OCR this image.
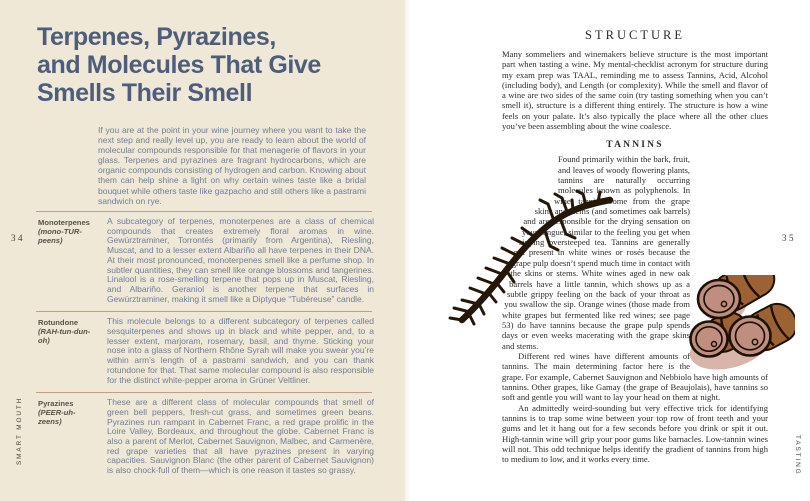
Terpenes, Pyrazines,
and Molecules That Give
Smells Their Smell

If you are at the point in your wine journey where you want to take the next step and really level up, you are ready to learn about the world of molecular compounds responsible for that menagerie of flavors in your glass. Terpenes and pyrazines are fragrant hydrocarbons, which are organic compounds consisting of hydrogen and carbon. Knowing about them can help shine a light on why certain wines taste like a bridal bouquet while others taste like gazpacho and still others like a pastrami sandwich on rye.

Monoterpenes
(mono-TUR-peens)
A subcategory of terpenes, monoterpenes are a class of chemical compounds that creates extremely floral aromas in wine. Gewürztraminer, Torrontés (primarily from Argentina), Riesling, Muscat, and to a lesser extent Albariño all have terpenes in their DNA. At their most pronounced, monoterpenes smell like a perfume shop. In subtler quantities, they can smell like orange blossoms and tangerines. Linalool is a rose-smelling terpene that pops up in Muscat, Riesling, and Albariño. Geraniol is another terpene that surfaces in Gewürztraminer, making it smell like a Diptyque “Tubéreuse” candle.
Rotundone
(RAH-tun-dun-oh)
This molecule belongs to a different subcategory of terpenes called sesquiterpenes and shows up in black and white pepper, and, to a lesser extent, marjoram, rosemary, basil, and thyme. Sticking your nose into a glass of Northern Rhône Syrah will make you swear you’re within arm’s length of a pastrami sandwich, and you can thank rotundone for that. That same molecular compound is also responsible for the distinct white-pepper aroma in Grüner Veltliner.
Pyrazines
(PEER-uh-zeens)
These are a different class of molecular compounds that smell of green bell peppers, fresh-cut grass, and sometimes green beans. Pyrazines run rampant in Cabernet Franc, a red grape prolific in the Loire Valley, Bordeaux, and throughout the globe. Cabernet Franc is also a parent of Merlot, Cabernet Sauvignon, Malbec, and Carmenère, red grape varieties that all have pyrazines present in varying capacities. Sauvignon Blanc (the other parent of Cabernet Sauvignon) is also chock-full of them—which is one reason it tastes so grassy.
34
SMART MOUTH
STRUCTURE

Many sommeliers and winemakers believe structure is the most important part when tasting a wine. My mental-checklist acronym for structure during my exam prep was TAAL, reminding me to assess Tannins, Acid, Alcohol (including body), and Length (or complexity). While the smell and flavor of a wine are two sides of the same coin (try tasting something when you can’t smell it), structure is a different thing entirely. The structure is how a wine feels on your palate. It’s also typically the place where all the other clues you’ve been assembling about the wine coalesce.

TANNINS

Found primarily within the bark, fruit, and leaves of woody flowering plants, tannins are naturally occurring molecules known as polyphenols. In wine, tannins come from the grape skins and stems (and sometimes oak barrels) and are responsible for the drying sensation on your tongue, similar to the feeling you get when sipping oversteeped tea. Tannins are generally not present in white wines or rosés because the grape pulp doesn’t spend much time in contact with the skins or stems. White wines aged in new oak barrels have a little tannin, which shows up as a subtle grippy feeling on the back of your throat as you swallow the sip. Orange wines (those made from white grapes but fermented like red wines; see page 53) do have tannins because the grape pulp spends days or even weeks macerating with the grape skins and stems.

Different red wines have different amounts of tannins. The main determining factor here is the grape. For example, Cabernet Sauvignon and Nebbiolo have high amounts of tannins. Other grapes, like Gamay (the grape of Beaujolais), have tannins so soft and gentle you will want to lay your head on them at night.

An admittedly weird-sounding but very effective trick for identifying tannins is to trap some wine between your top row of front teeth and your gums and let it hang out for a few seconds before you drink or spit it out. High-tannin wine will grip your poor gums like barnacles. Low-tannin wines will not. This odd technique helps identify the gradient of tannins from high to medium to low, and it works every time.

35
TASTING
